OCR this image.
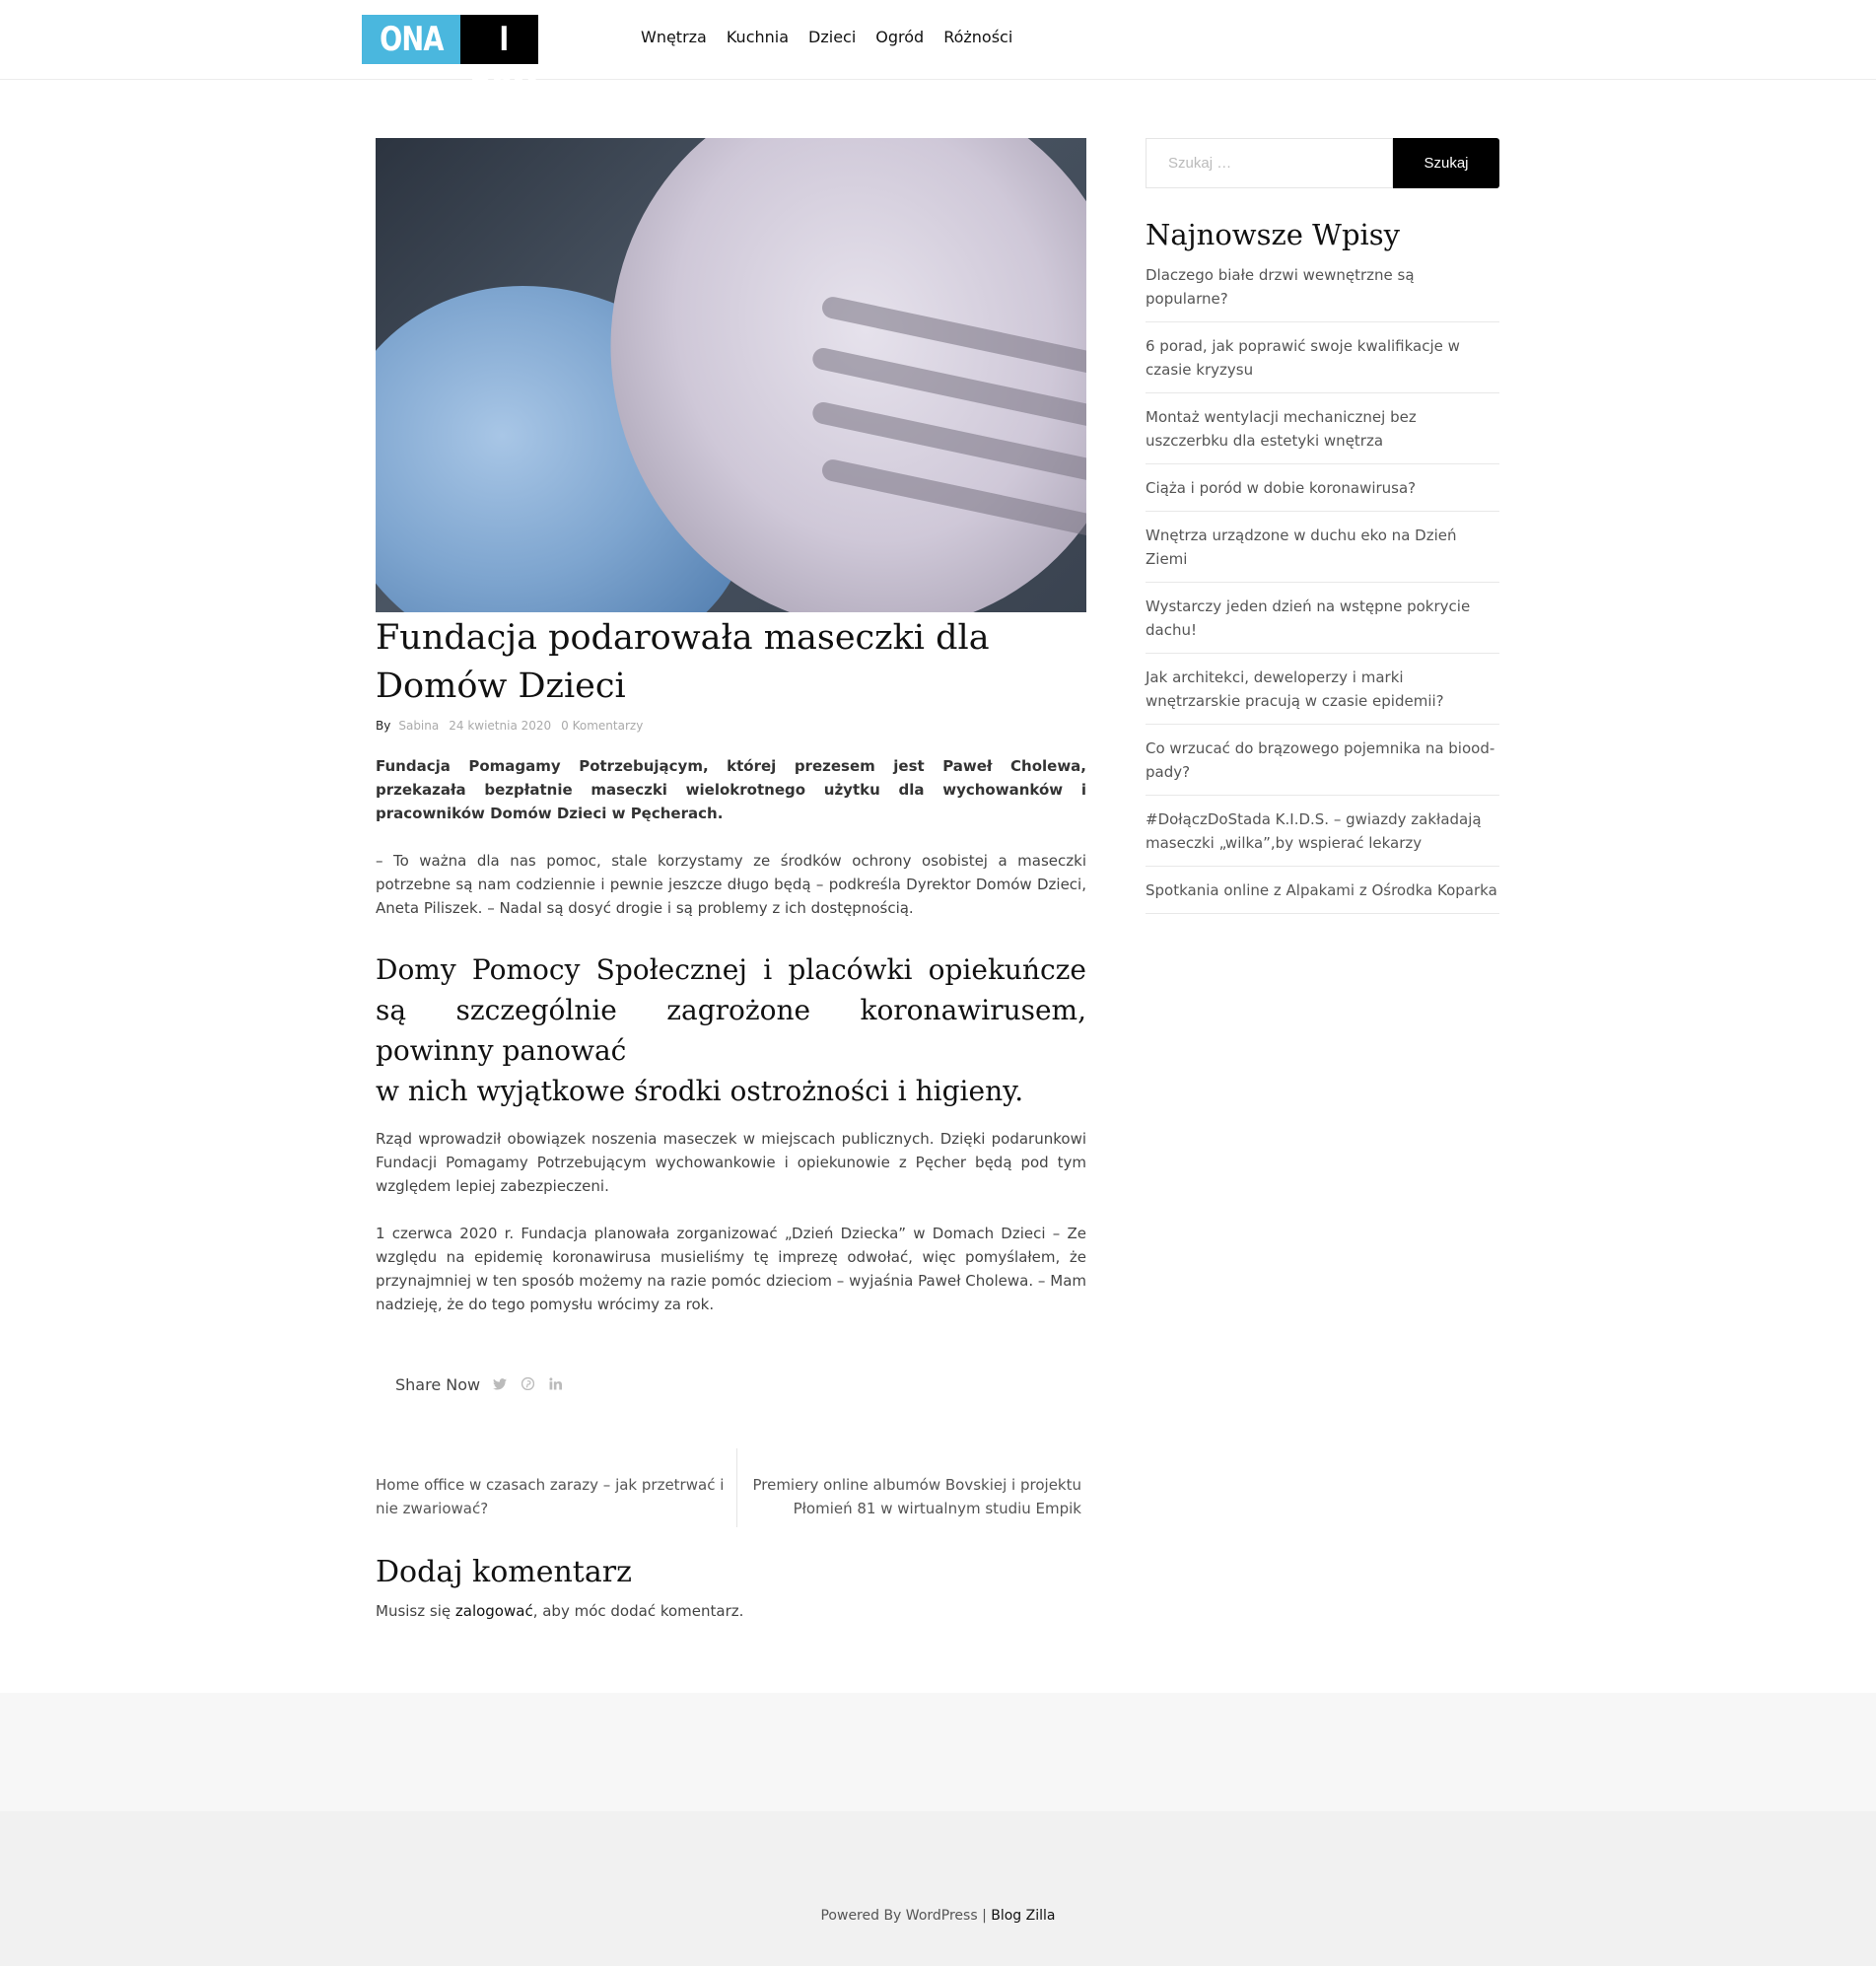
ONA	I DOM
Wnętrza Kuchnia Dzieci Ogród Różności
Fundacja podarowała maseczki dla Domów Dzieci
By Sabina 24 kwietnia 2020 0 Komentarzy

Fundacja Pomagamy Potrzebującym, której prezesem jest Paweł Cholewa, przekazała bezpłatnie maseczki wielokrotnego użytku dla wychowanków i pracowników Domów Dzieci w Pęcherach.

– To ważna dla nas pomoc, stale korzystamy ze środków ochrony osobistej a maseczki potrzebne są nam codziennie i pewnie jeszcze długo będą – podkreśla Dyrektor Domów Dzieci, Aneta Piliszek. – Nadal są dosyć drogie i są problemy z ich dostępnością.

Domy Pomocy Społecznej i placówki opiekuńcze są szczególnie zagrożone koronawirusem, powinny panować
w nich wyjątkowe środki ostrożności i higieny.

Rząd wprowadził obowiązek noszenia maseczek w miejscach publicznych. Dzięki podarunkowi Fundacji Pomagamy Potrzebującym wychowankowie i opiekunowie z Pęcher będą pod tym względem lepiej zabezpieczeni.

1 czerwca 2020 r. Fundacja planowała zorganizować „Dzień Dziecka” w Domach Dzieci – Ze względu na epidemię koronawirusa musieliśmy tę imprezę odwołać, więc pomyślałem, że przynajmniej w ten sposób możemy na razie pomóc dzieciom – wyjaśnia Paweł Cholewa. – Mam nadzieję, że do tego pomysłu wrócimy za rok.

Share Now
Home office w czasach zarazy – jak przetrwać i nie zwariować?
Premiery online albumów Bovskiej i projektu Płomień 81 w wirtualnym studiu Empik
Dodaj komentarz
Musisz się zalogować, aby móc dodać komentarz.
Szukaj …
Szukaj
Najnowsze Wpisy
Dlaczego białe drzwi wewnętrzne są popularne?
6 porad, jak poprawić swoje kwalifikacje w czasie kryzysu
Montaż wentylacji mechanicznej bez uszczerbku dla estetyki wnętrza
Ciąża i poród w dobie koronawirusa?
Wnętrza urządzone w duchu eko na Dzień Ziemi
Wystarczy jeden dzień na wstępne pokrycie dachu!
Jak architekci, deweloperzy i marki wnętrzarskie pracują w czasie epidemii?
Co wrzucać do brązowego pojemnika na bioodpady?
#DołączDoStada K.I.D.S. – gwiazdy zakładają maseczki „wilka”,by wspierać lekarzy
Spotkania online z Alpakami z Ośrodka Koparka
Powered By WordPress | Blog Zilla
